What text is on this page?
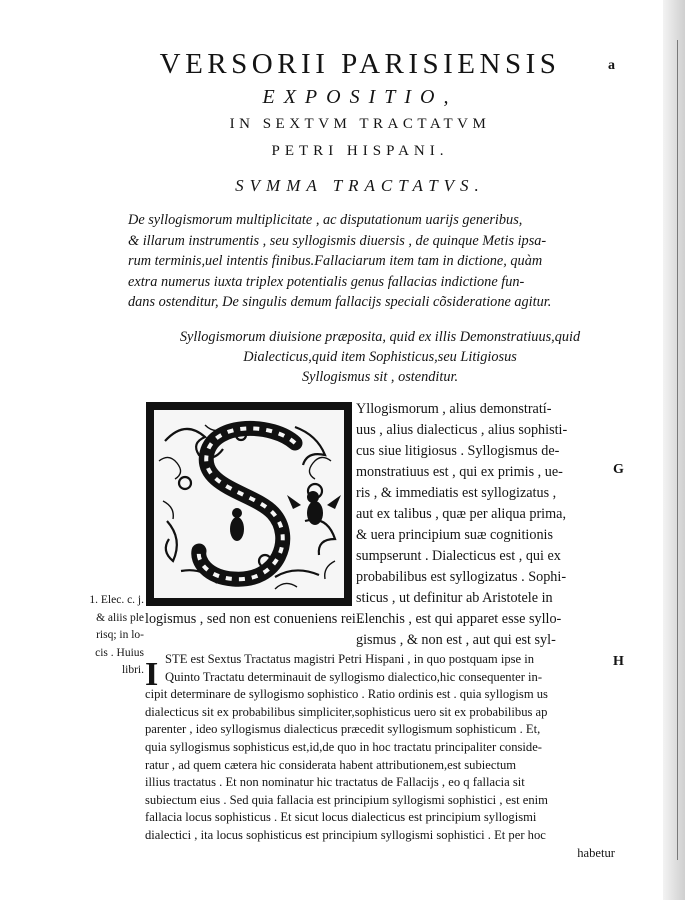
VERSORII PARISIENSIS
EXPOSITIO,
IN SEXTVM TRACTATVM
PETRI HISPANI.
SVMMA TRACTATVS.
a
De syllogismorum multiplicitate , ac disputationum uarijs generibus,
& illarum instrumentis , seu syllogismis diuersis , de quinque Metis ipsa-
rum terminis,uel intentis finibus.Fallaciarum item tam in dictione, quàm
extra numerus iuxta triplex potentialis genus fallacias indictione fun-
dans ostenditur, De singulis demum fallacijs speciali cõsideratione agitur.
Syllogismorum diuisione præposita, quid ex illis Demonstratiuus,quid
Dialecticus,quid item Sophisticus,seu Litigiosus
Syllogismus sit , ostenditur.
Yllogismorum , alius demonstratí-
uus , alius dialecticus , alius sophisti-
cus siue litigiosus . Syllogismus de-
monstratiuus est , qui ex primis , ue-
ris , & immediatis est syllogizatus ,
aut ex talibus , quæ per aliqua prima,
& uera principium suæ cognitionis
sumpserunt . Dialecticus est , qui ex
probabilibus est syllogizatus . Sophi-
sticus , ut definitur ab Aristotele in
Elenchis , est qui apparet esse syllo-
gismus , & non est , aut qui est syl-
G
logismus , sed non est conueniens rei .
1. Elec. c. j.
& aliis ple
risq; in lo-
cis . Huius
libri. I	H
STE est Sextus Tractatus magistri Petri Hispani , in quo postquam ipse in
Quinto Tractatu determinauit de syllogismo dialectico,hic consequenter in-
cipit determinare de syllogismo sophistico . Ratio ordinis est . quia syllogism us
dialecticus sit ex probabilibus simpliciter,sophisticus uero sit ex probabilibus ap
parenter , ideo syllogismus dialecticus præcedit syllogismum sophisticum . Et,
quia syllogismus sophisticus est,id,de quo in hoc tractatu principaliter conside-
ratur , ad quem cætera hic considerata habent attributionem,est subiectum
illius tractatus . Et non nominatur hic tractatus de Fallacijs , eo q fallacia sit
subiectum eius . Sed quia fallacia est principium syllogismi sophistici , est enim
fallacia locus sophisticus . Et sicut locus dialecticus est principium syllogismi
dialectici , ita locus sophisticus est principium syllogismi sophistici . Et per hoc
habetur
